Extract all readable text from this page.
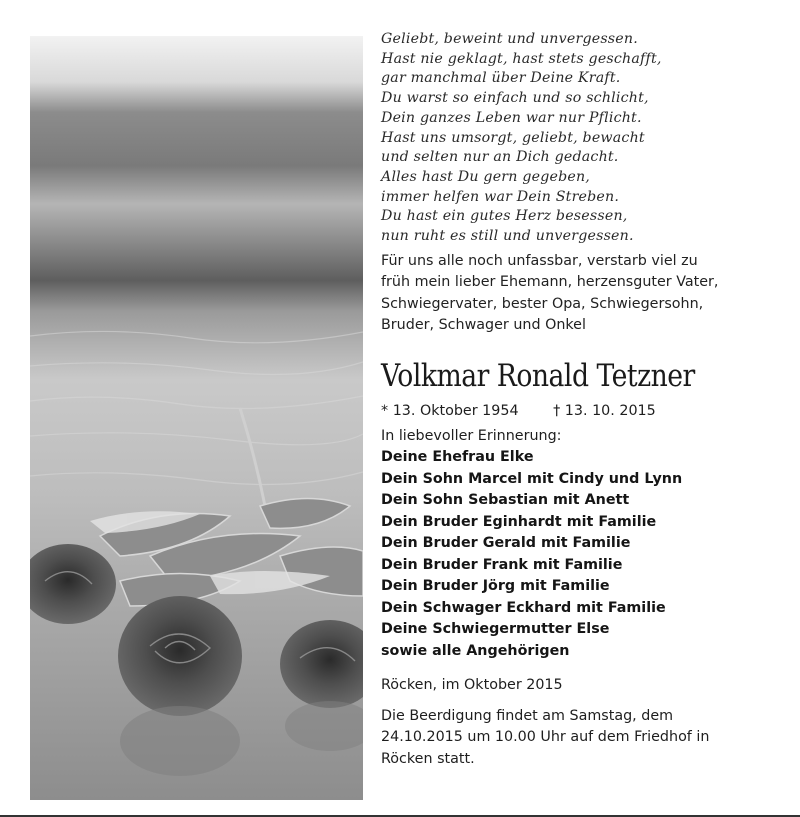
Geliebt, beweint und unvergessen.
Hast nie geklagt, hast stets geschafft,
gar manchmal über Deine Kraft.
Du warst so einfach und so schlicht,
Dein ganzes Leben war nur Pflicht.
Hast uns umsorgt, geliebt, bewacht
und selten nur an Dich gedacht.
Alles hast Du gern gegeben,
immer helfen war Dein Streben.
Du hast ein gutes Herz besessen,
nun ruht es still und unvergessen.
Für uns alle noch unfassbar, verstarb viel zu
früh mein lieber Ehemann, herzensguter Vater,
Schwiegervater, bester Opa, Schwiegersohn,
Bruder, Schwager und Onkel
Volkmar Ronald Tetzner
* 13. Oktober 1954 † 13. 10. 2015
In liebevoller Erinnerung:
Deine Ehefrau Elke
Dein Sohn Marcel mit Cindy und Lynn
Dein Sohn Sebastian mit Anett
Dein Bruder Eginhardt mit Familie
Dein Bruder Gerald mit Familie
Dein Bruder Frank mit Familie
Dein Bruder Jörg mit Familie
Dein Schwager Eckhard mit Familie
Deine Schwiegermutter Else
sowie alle Angehörigen
Röcken, im Oktober 2015
Die Beerdigung findet am Samstag, dem
24.10.2015 um 10.00 Uhr auf dem Friedhof in
Röcken statt.
